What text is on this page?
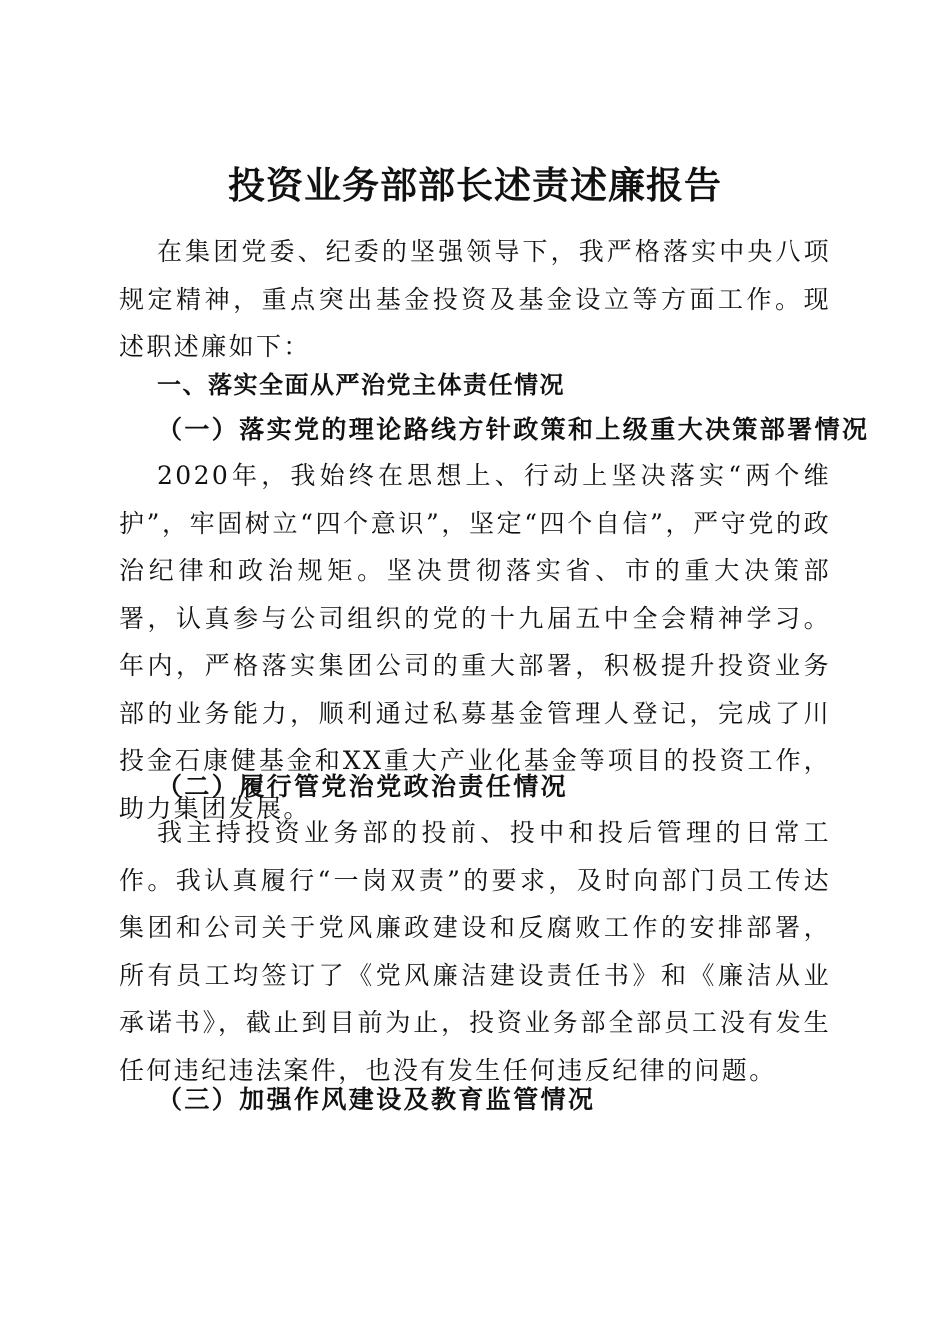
投资业务部部长述责述廉报告

在集团党委、纪委的坚强领导下，我严格落实中央八项规定精神，重点突出基金投资及基金设立等方面工作。现述职述廉如下：

一、落实全面从严治党主体责任情况
（一）落实党的理论路线方针政策和上级重大决策部署情况

2020年，我始终在思想上、行动上坚决落实“两个维护”，牢固树立“四个意识”，坚定“四个自信”，严守党的政治纪律和政治规矩。坚决贯彻落实省、市的重大决策部署，认真参与公司组织的党的十九届五中全会精神学习。年内，严格落实集团公司的重大部署，积极提升投资业务部的业务能力，顺利通过私募基金管理人登记，完成了川投金石康健基金和XX重大产业化基金等项目的投资工作，助力集团发展。

（二）履行管党治党政治责任情况

我主持投资业务部的投前、投中和投后管理的日常工作。我认真履行“一岗双责”的要求，及时向部门员工传达集团和公司关于党风廉政建设和反腐败工作的安排部署，所有员工均签订了《党风廉洁建设责任书》和《廉洁从业承诺书》，截止到目前为止，投资业务部全部员工没有发生任何违纪违法案件，也没有发生任何违反纪律的问题。

（三）加强作风建设及教育监管情况
